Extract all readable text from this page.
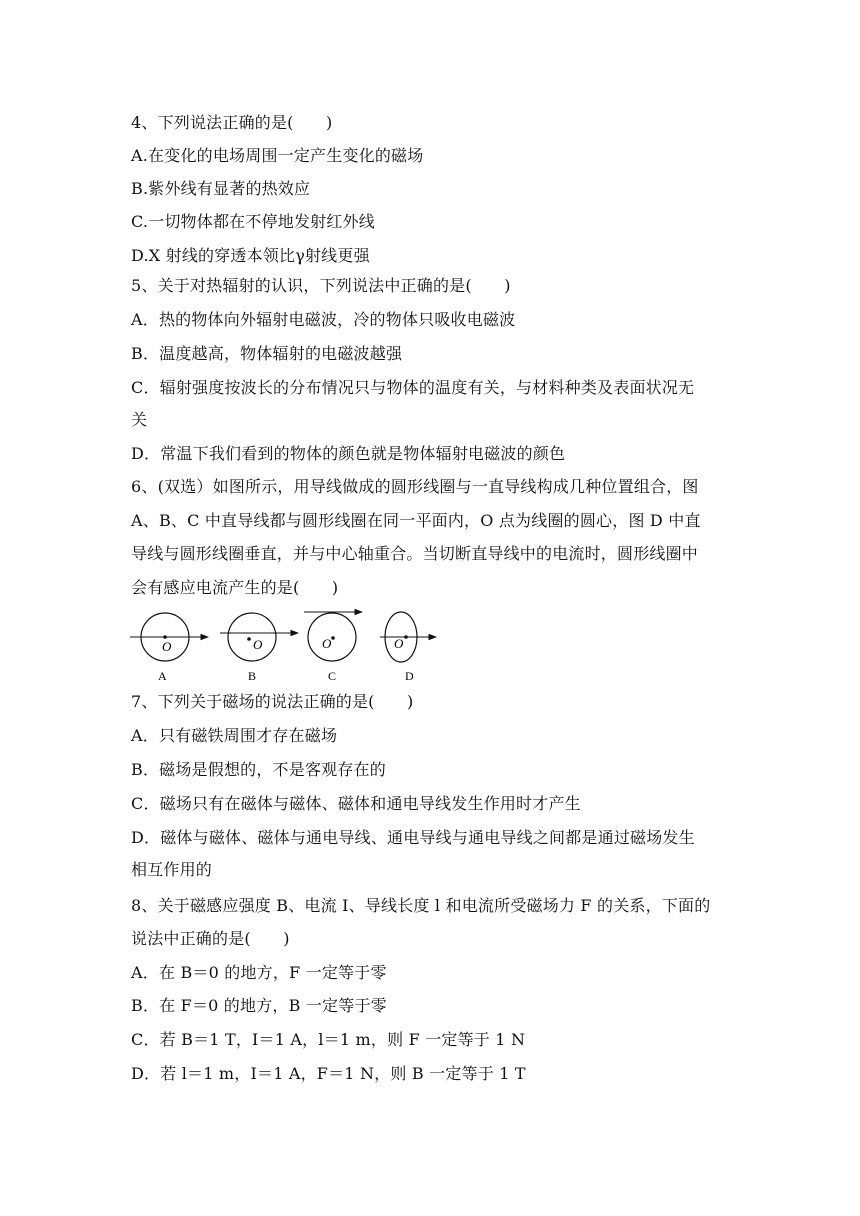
4、下列说法正确的是(　　)
A.在变化的电场周围一定产生变化的磁场
B.紫外线有显著的热效应
C.一切物体都在不停地发射红外线
D.X 射线的穿透本领比γ射线更强
5、关于对热辐射的认识，下列说法中正确的是(　　)
A．热的物体向外辐射电磁波，冷的物体只吸收电磁波
B．温度越高，物体辐射的电磁波越强
C．辐射强度按波长的分布情况只与物体的温度有关，与材料种类及表面状况无
关
D．常温下我们看到的物体的颜色就是物体辐射电磁波的颜色
6、(双选）如图所示，用导线做成的圆形线圈与一直导线构成几种位置组合，图
A、B、C 中直导线都与圆形线圈在同一平面内，O 点为线圈的圆心，图 D 中直
导线与圆形线圈垂直，并与中心轴重合。当切断直导线中的电流时，圆形线圈中
会有感应电流产生的是(　　)
O
A
O
B
O
C
O
D
7、下列关于磁场的说法正确的是(　　)
A．只有磁铁周围才存在磁场
B．磁场是假想的，不是客观存在的
C．磁场只有在磁体与磁体、磁体和通电导线发生作用时才产生
D．磁体与磁体、磁体与通电导线、通电导线与通电导线之间都是通过磁场发生
相互作用的
8、关于磁感应强度 B、电流 I、导线长度 l 和电流所受磁场力 F 的关系，下面的
说法中正确的是(　　)
A．在 B＝0 的地方，F 一定等于零
B．在 F＝0 的地方，B 一定等于零
C．若 B＝1 T，I＝1 A，l＝1 m，则 F 一定等于 1 N
D．若 l＝1 m，I＝1 A，F＝1 N，则 B 一定等于 1 T
